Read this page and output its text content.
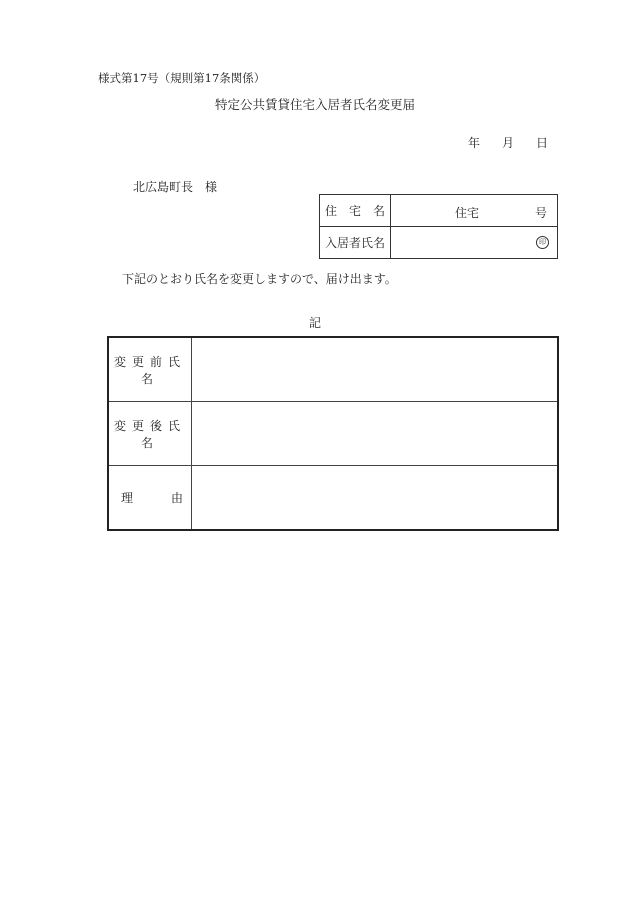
様式第17号（規則第17条関係）
特定公共賃貸住宅入居者氏名変更届
年 月 日
北広島町長 様
住　宅　名	住宅 号

入居者氏名	印
下記のとおり氏名を変更しますので、届け出ます。
記
変更前氏名	
変更後氏名	

理 由	
